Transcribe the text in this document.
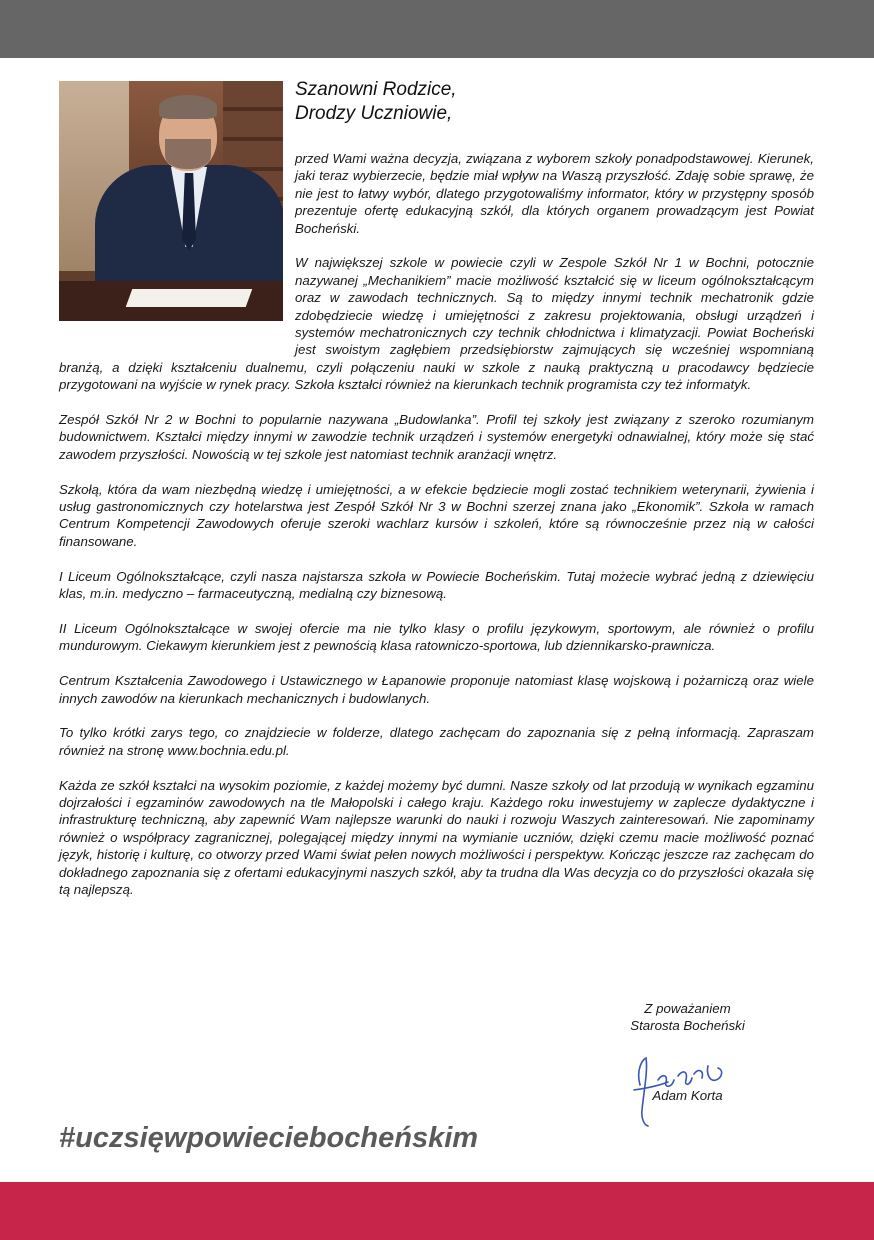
Szanowni Rodzice,
Drodzy Uczniowie,

przed Wami ważna decyzja, związana z wyborem szkoły ponadpodstawowej. Kierunek, jaki teraz wybierzecie, będzie miał wpływ na Waszą przyszłość. Zdaję sobie sprawę, że nie jest to łatwy wybór, dlatego przygotowaliśmy informator, który w przystępny sposób prezentuje ofertę edukacyjną szkół, dla których organem prowadzącym jest Powiat Bocheński.

W największej szkole w powiecie czyli w Zespole Szkół Nr 1 w Bochni, potocznie nazywanej „Mechanikiem” macie możliwość kształcić się w liceum ogólnokształcącym oraz w zawodach technicznych. Są to między innymi technik mechatronik gdzie zdobędziecie wiedzę i umiejętności z zakresu projektowania, obsługi urządzeń i systemów mechatronicznych czy technik chłodnictwa i klimatyzacji. Powiat Bocheński jest swoistym zagłębiem przedsiębiorstw zajmujących się wcześniej wspomnianą branżą, a dzięki kształceniu dualnemu, czyli połączeniu nauki w szkole z nauką praktyczną u pracodawcy będziecie przygotowani na wyjście w rynek pracy. Szkoła kształci również na kierunkach technik programista czy też informatyk.

Zespół Szkół Nr 2 w Bochni to popularnie nazywana „Budowlanka”. Profil tej szkoły jest związany z szeroko rozumianym budownictwem. Kształci między innymi w zawodzie technik urządzeń i systemów energetyki odnawialnej, który może się stać zawodem przyszłości. Nowością w tej szkole jest natomiast technik aranżacji wnętrz.

Szkołą, która da wam niezbędną wiedzę i umiejętności, a w efekcie będziecie mogli zostać technikiem weterynarii, żywienia i usług gastronomicznych czy hotelarstwa jest Zespół Szkół Nr 3 w Bochni szerzej znana jako „Ekonomik”. Szkoła w ramach Centrum Kompetencji Zawodowych oferuje szeroki wachlarz kursów i szkoleń, które są równocześnie przez nią w całości finansowane.

I Liceum Ogólnokształcące, czyli nasza najstarsza szkoła w Powiecie Bocheńskim. Tutaj możecie wybrać jedną z dziewięciu klas, m.in. medyczno – farmaceutyczną, medialną czy biznesową.

II Liceum Ogólnokształcące w swojej ofercie ma nie tylko klasy o profilu językowym, sportowym, ale również o profilu mundurowym. Ciekawym kierunkiem jest z pewnością klasa ratowniczo-sportowa, lub dziennikarsko-prawnicza.

Centrum Kształcenia Zawodowego i Ustawicznego w Łapanowie proponuje natomiast klasę wojskową i pożarniczą oraz wiele innych zawodów na kierunkach mechanicznych i budowlanych.

To tylko krótki zarys tego, co znajdziecie w folderze, dlatego zachęcam do zapoznania się z pełną informacją. Zapraszam również na stronę www.bochnia.edu.pl.

Każda ze szkół kształci na wysokim poziomie, z każdej możemy być dumni. Nasze szkoły od lat przodują w wynikach egzaminu dojrzałości i egzaminów zawodowych na tle Małopolski i całego kraju. Każdego roku inwestujemy w zaplecze dydaktyczne i infrastrukturę techniczną, aby zapewnić Wam najlepsze warunki do nauki i rozwoju Waszych zainteresowań. Nie zapominamy również o współpracy zagranicznej, polegającej między innymi na wymianie uczniów, dzięki czemu macie możliwość poznać język, historię i kulturę, co otworzy przed Wami świat pełen nowych możliwości i perspektyw. Kończąc jeszcze raz zachęcam do dokładnego zapoznania się z ofertami edukacyjnymi naszych szkół, aby ta trudna dla Was decyzja co do przyszłości okazała się tą najlepszą.

Z poważaniem
Starosta Bocheński
Adam Korta
#uczsięwpowieciebocheńskim
